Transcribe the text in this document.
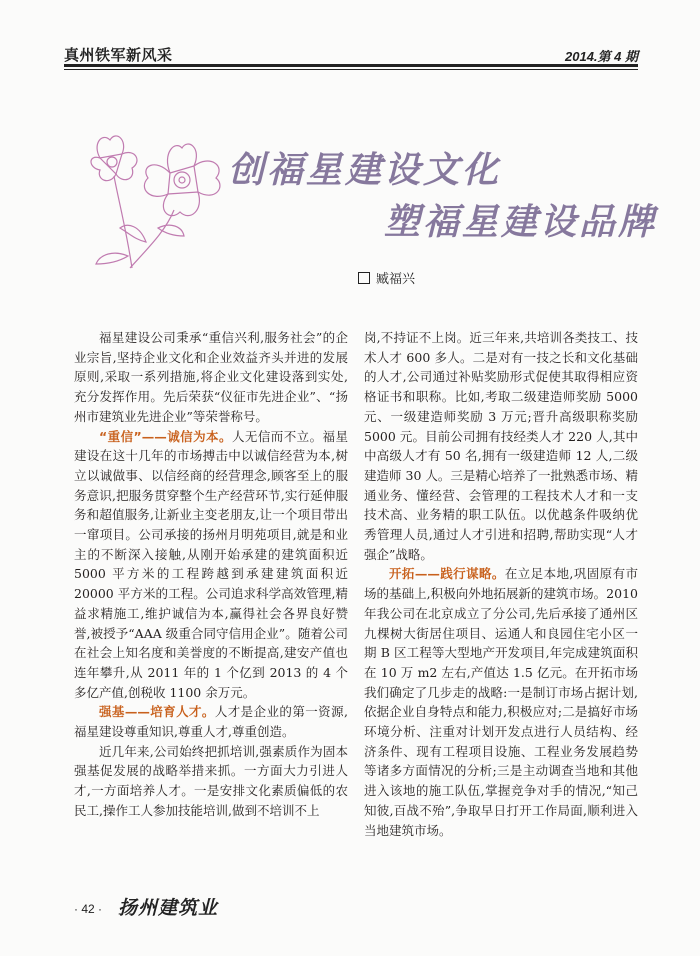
真州铁军新风采	2014.第 4 期
创福星建设文化
塑福星建设品牌
臧福兴

福星建设公司秉承“重信兴利,服务社会”的企业宗旨,坚持企业文化和企业效益齐头并进的发展原则,采取一系列措施,将企业文化建设落到实处,充分发挥作用。先后荣获“仪征市先进企业”、“扬州市建筑业先进企业”等荣誉称号。

“重信”——诚信为本。人无信而不立。福星建设在这十几年的市场搏击中以诚信经营为本,树立以诚做事、以信经商的经营理念,顾客至上的服务意识,把服务贯穿整个生产经营环节,实行延伸服务和超值服务,让新业主变老朋友,让一个项目带出一窜项目。公司承接的扬州月明苑项目,就是和业主的不断深入接触,从刚开始承建的建筑面积近 5000 平方米的工程跨越到承建建筑面积近 20000 平方米的工程。公司追求科学高效管理,精益求精施工,维护诚信为本,赢得社会各界良好赞誉,被授予“AAA 级重合同守信用企业”。随着公司在社会上知名度和美誉度的不断提高,建安产值也连年攀升,从 2011 年的 1 个亿到 2013 的 4 个多亿产值,创税收 1100 余万元。

强基——培育人才。人才是企业的第一资源,福星建设尊重知识,尊重人才,尊重创造。

近几年来,公司始终把抓培训,强素质作为固本强基促发展的战略举措来抓。一方面大力引进人才,一方面培养人才。一是安排文化素质偏低的农民工,操作工人参加技能培训,做到不培训不上

岗,不持证不上岗。近三年来,共培训各类技工、技术人才 600 多人。二是对有一技之长和文化基础的人才,公司通过补贴奖励形式促使其取得相应资格证书和职称。比如,考取二级建造师奖励 5000 元、一级建造师奖励 3 万元;晋升高级职称奖励 5000 元。目前公司拥有技经类人才 220 人,其中中高级人才有 50 名,拥有一级建造师 12 人,二级建造师 30 人。三是精心培养了一批熟悉市场、精通业务、懂经营、会管理的工程技术人才和一支技术高、业务精的职工队伍。以优越条件吸纳优秀管理人员,通过人才引进和招聘,帮助实现“人才强企”战略。

开拓——践行谋略。在立足本地,巩固原有市场的基础上,积极向外地拓展新的建筑市场。2010 年我公司在北京成立了分公司,先后承接了通州区九棵树大街居住项目、运通人和良园住宅小区一期 B 区工程等大型地产开发项目,年完成建筑面积在 10 万 m2 左右,产值达 1.5 亿元。在开拓市场我们确定了几步走的战略:一是制订市场占据计划,依据企业自身特点和能力,积极应对;二是搞好市场环境分析、注重对计划开发点进行人员结构、经济条件、现有工程项目设施、工程业务发展趋势等诸多方面情况的分析;三是主动调查当地和其他进入该地的施工队伍,掌握竞争对手的情况,“知己知彼,百战不殆”,争取早日打开工作局面,顺利进入当地建筑市场。

· 42 · 扬州建筑业
